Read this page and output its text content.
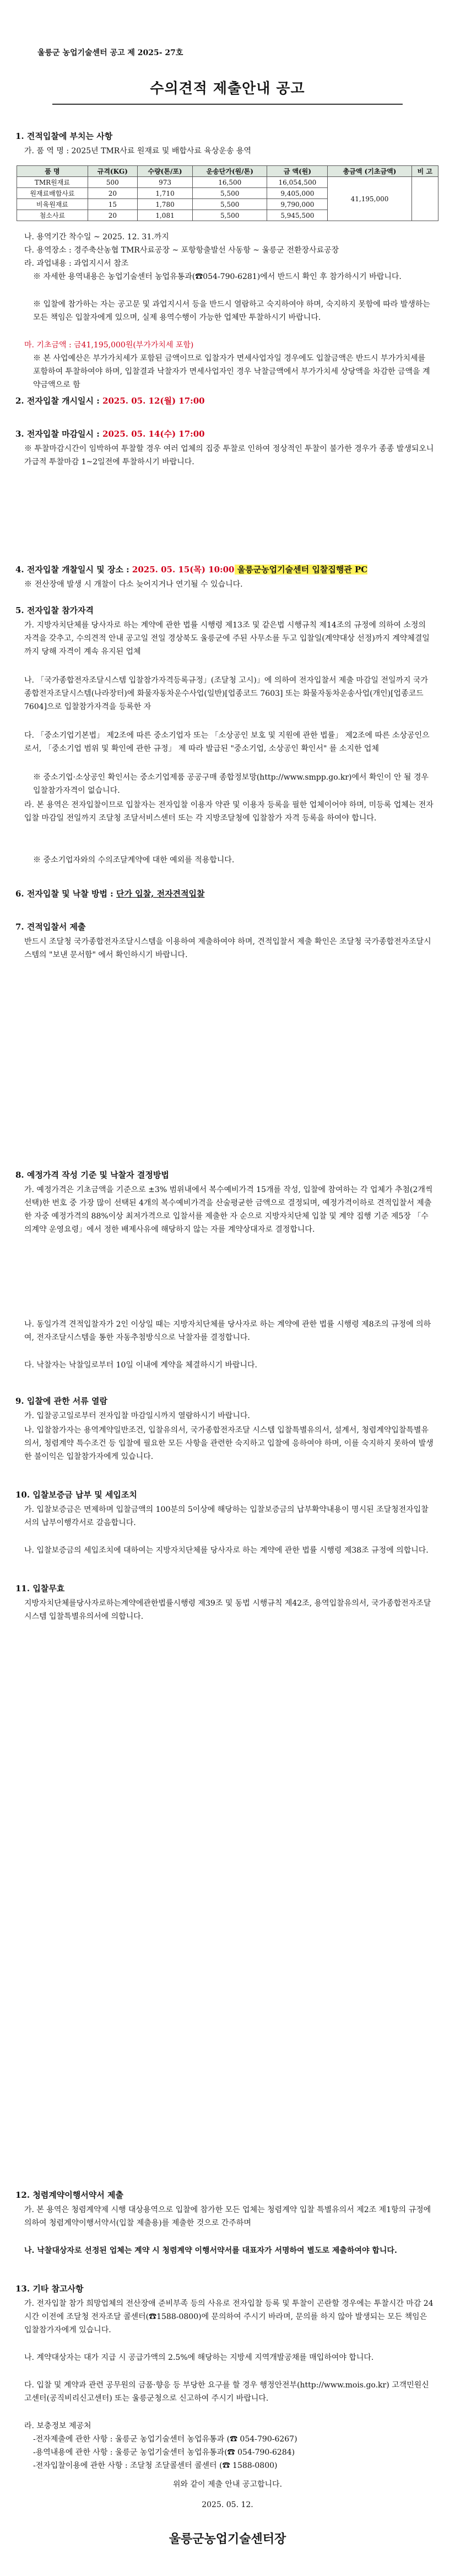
울릉군 농업기술센터 공고 제 2025- 27호
수의견적 제출안내 공고
1. 견적입찰에 부치는 사항
가. 품 역 명 : 2025년 TMR사료 원재료 및 배합사료 육상운송 용역
품 명	규격(KG)	수량(톤/포)	운송단가(원/톤)	금 액(원)	총금액 (기초금액)	비 고
TMR원재료	500	973	16,500	16,054,500	41,195,000	
원재료배합사료	20	1,710	5,500	9,405,000		
비육원재료	15	1,780	5,500	9,790,000		
첨소사료	20	1,081	5,500	5,945,500		
나. 용역기간 착수일 ~ 2025. 12. 31.까지
다. 용역장소 : 경주축산농협 TMR사료공장 ~ 포항항출발선 사동항 ~ 울릉군 전환장사료공장
라. 과업내용 : 과업지시서 참조
※ 자세한 용역내용은 농업기술센터 농업유통과(☎054-790-6281)에서 반드시 확인 후 참가하시기 바랍니다.
※ 입찰에 참가하는 자는 공고문 및 과업지시서 등을 반드시 열람하고 숙지하여야 하며, 숙지하지 못함에 따라 발생하는 모든 책임은 입찰자에게 있으며, 실제 용역수행이 가능한 업체만 투찰하시기 바랍니다.
마. 기초금액 : 금41,195,000원(부가가치세 포함)
※ 본 사업예산은 부가가치세가 포함된 금액이므로 입찰자가 면세사업자일 경우에도 입찰금액은 반드시 부가가치세를 포함하여 투찰하여야 하며, 입찰결과 낙찰자가 면세사업자인 경우 낙찰금액에서 부가가치세 상당액을 차감한 금액을 계약금액으로 함
2. 전자입찰 개시일시 : 2025. 05. 12(월) 17:00
3. 전자입찰 마감일시 : 2025. 05. 14(수) 17:00
※ 투찰마감시간이 임박하여 투찰할 경우 여러 업체의 집중 투찰로 인하여 정상적인 투찰이 불가한 경우가 종종 발생되오니 가급적 투찰마감 1~2일전에 투찰하시기 바랍니다.
4. 전자입찰 개찰일시 및 장소 : 2025. 05. 15(목) 10:00 울릉군농업기술센터 입찰집행관 PC
※ 전산장애 발생 시 개찰이 다소 늦어지거나 연기될 수 있습니다.
5. 전자입찰 참가자격
가. 지방자치단체를 당사자로 하는 계약에 관한 법률 시행령 제13조 및 같은법 시행규칙 제14조의 규정에 의하여 소정의 자격을 갖추고, 수의견적 안내 공고일 전일 경상북도 울릉군에 주된 사무소를 두고 입찰일(계약대상 선정)까지 계약체결일까지 당해 자격이 계속 유지된 업체
나. 「국가종합전자조달시스템 입찰참가자격등록규정」(조달청 고시)」에 의하여 전자입찰서 제출 마감일 전일까지 국가종합전자조달시스템(나라장터)에 화물자동차운수사업(일반)[업종코드 7603] 또는 화물자동차운송사업(개인)[업종코드 7604]으로 입찰참가자격을 등록한 자
다. 「중소기업기본법」 제2조에 따른 중소기업자 또는 「소상공인 보호 및 지원에 관한 법률」 제2조에 따른 소상공인으로서, 「중소기업 범위 및 확인에 관한 규정」 제 따라 발급된 "중소기업, 소상공인 확인서" 를 소지한 업체
※ 중소기업·소상공인 확인서는 중소기업제품 공공구매 종합정보망(http://www.smpp.go.kr)에서 확인이 안 될 경우 입찰참가자격이 없습니다.
라. 본 용역은 전자입찰이므로 입찰자는 전자입찰 이용자 약관 및 이용자 등록을 필한 업체이어야 하며, 미등록 업체는 전자입찰 마감일 전일까지 조달청 조달서비스센터 또는 각 지방조달청에 입찰참가 자격 등록을 하여야 합니다.
※ 중소기업자와의 수의조달계약에 대한 예외를 적용합니다.
6. 전자입찰 및 낙찰 방법 : 단가 입찰, 전자견적입찰
7. 견적입찰서 제출
반드시 조달청 국가종합전자조달시스템을 이용하여 제출하여야 하며, 견적입찰서 제출 확인은 조달청 국가종합전자조달시스템의 "보낸 문서함" 에서 확인하시기 바랍니다.
8. 예정가격 작성 기준 및 낙찰자 결정방법
가. 예정가격은 기초금액을 기준으로 ±3% 범위내에서 복수예비가격 15개를 작성, 입찰에 참여하는 각 업체가 추첨(2개씩 선택)한 번호 중 가장 많이 선택된 4개의 복수예비가격을 산술평균한 금액으로 결정되며, 예정가격이하로 견적입찰서 제출한 자중 예정가격의 88%이상 최저가격으로 입찰서를 제출한 자 순으로 지방자치단체 입찰 및 계약 집행 기준 제5장 「수의계약 운영요령」에서 정한 배제사유에 해당하지 않는 자를 계약상대자로 결정합니다.
나. 동일가격 견적입찰자가 2인 이상일 때는 지방자치단체를 당사자로 하는 계약에 관한 법률 시행령 제8조의 규정에 의하여, 전자조달시스템을 통한 자동추첨방식으로 낙찰자를 결정합니다.
다. 낙찰자는 낙찰일로부터 10일 이내에 계약을 체결하시기 바랍니다.
9. 입찰에 관한 서류 열람
가. 입찰공고일로부터 전자입찰 마감일시까지 열람하시기 바랍니다.
나. 입찰참가자는 용역계약일반조건, 입찰유의서, 국가종합전자조달 시스템 입찰특별유의서, 설계서, 청렴계약입찰특별유의서, 청렴계약 특수조건 등 입찰에 필요한 모든 사항을 관련한 숙지하고 입찰에 응하여야 하며, 이를 숙지하지 못하여 발생한 불이익은 입찰참가자에게 있습니다.
10. 입찰보증금 납부 및 세입조치
가. 입찰보증금은 면제하며 입찰금액의 100분의 5이상에 해당하는 입찰보증금의 납부확약내용이 명시된 조달청전자입찰서의 납부이행각서로 갈음합니다.
나. 입찰보증금의 세입조치에 대하여는 지방자치단체를 당사자로 하는 계약에 관한 법률 시행령 제38조 규정에 의합니다.
11. 입찰무효
지방자치단체를당사자로하는계약에관한법률시행령 제39조 및 동법 시행규칙 제42조, 용역입찰유의서, 국가종합전자조달시스템 입찰특별유의서에 의합니다.
12. 청렴계약이행서약서 제출
가. 본 용역은 청렴계약제 시행 대상용역으로 입찰에 참가한 모든 업체는 청렴계약 입찰 특별유의서 제2조 제1항의 규정에 의하여 청렴계약이행서약서(입찰 제출용)를 제출한 것으로 간주하며
나. 낙찰대상자로 선정된 업체는 계약 시 청렴계약 이행서약서를 대표자가 서명하여 별도로 제출하여야 합니다.
13. 기타 참고사항
가. 전자입찰 참가 희망업체의 전산장애 준비부족 등의 사유로 전자입찰 등록 및 투찰이 곤란할 경우에는 투찰시간 마감 24시간 이전에 조달청 전자조달 콜센터(☎1588-0800)에 문의하여 주시기 바라며, 문의를 하지 않아 발생되는 모든 책임은 입찰참가자에게 있습니다.
나. 계약대상자는 대가 지급 시 공급가액의 2.5%에 해당하는 지방세 지역개발공채를 매입하여야 합니다.
다. 입찰 및 계약과 관련 공무원의 금품·향응 등 부당한 요구를 할 경우 행정안전부(http://www.mois.go.kr) 고객민원신고센터(공직비리신고센터) 또는 울릉군청으로 신고하여 주시기 바랍니다.
라. 보충정보 제공처
-전자제출에 관한 사항 : 울릉군 농업기술센터 농업유통과 (☎ 054-790-6267)
-용역내용에 관한 사항 : 울릉군 농업기술센터 농업유통과(☎ 054-790-6284)
-전자입찰이용에 관한 사항 : 조달청 조달콜센터 콜센터 (☎ 1588-0800)
위와 같이 제출 안내 공고합니다.
2025. 05. 12.
울릉군농업기술센터장
